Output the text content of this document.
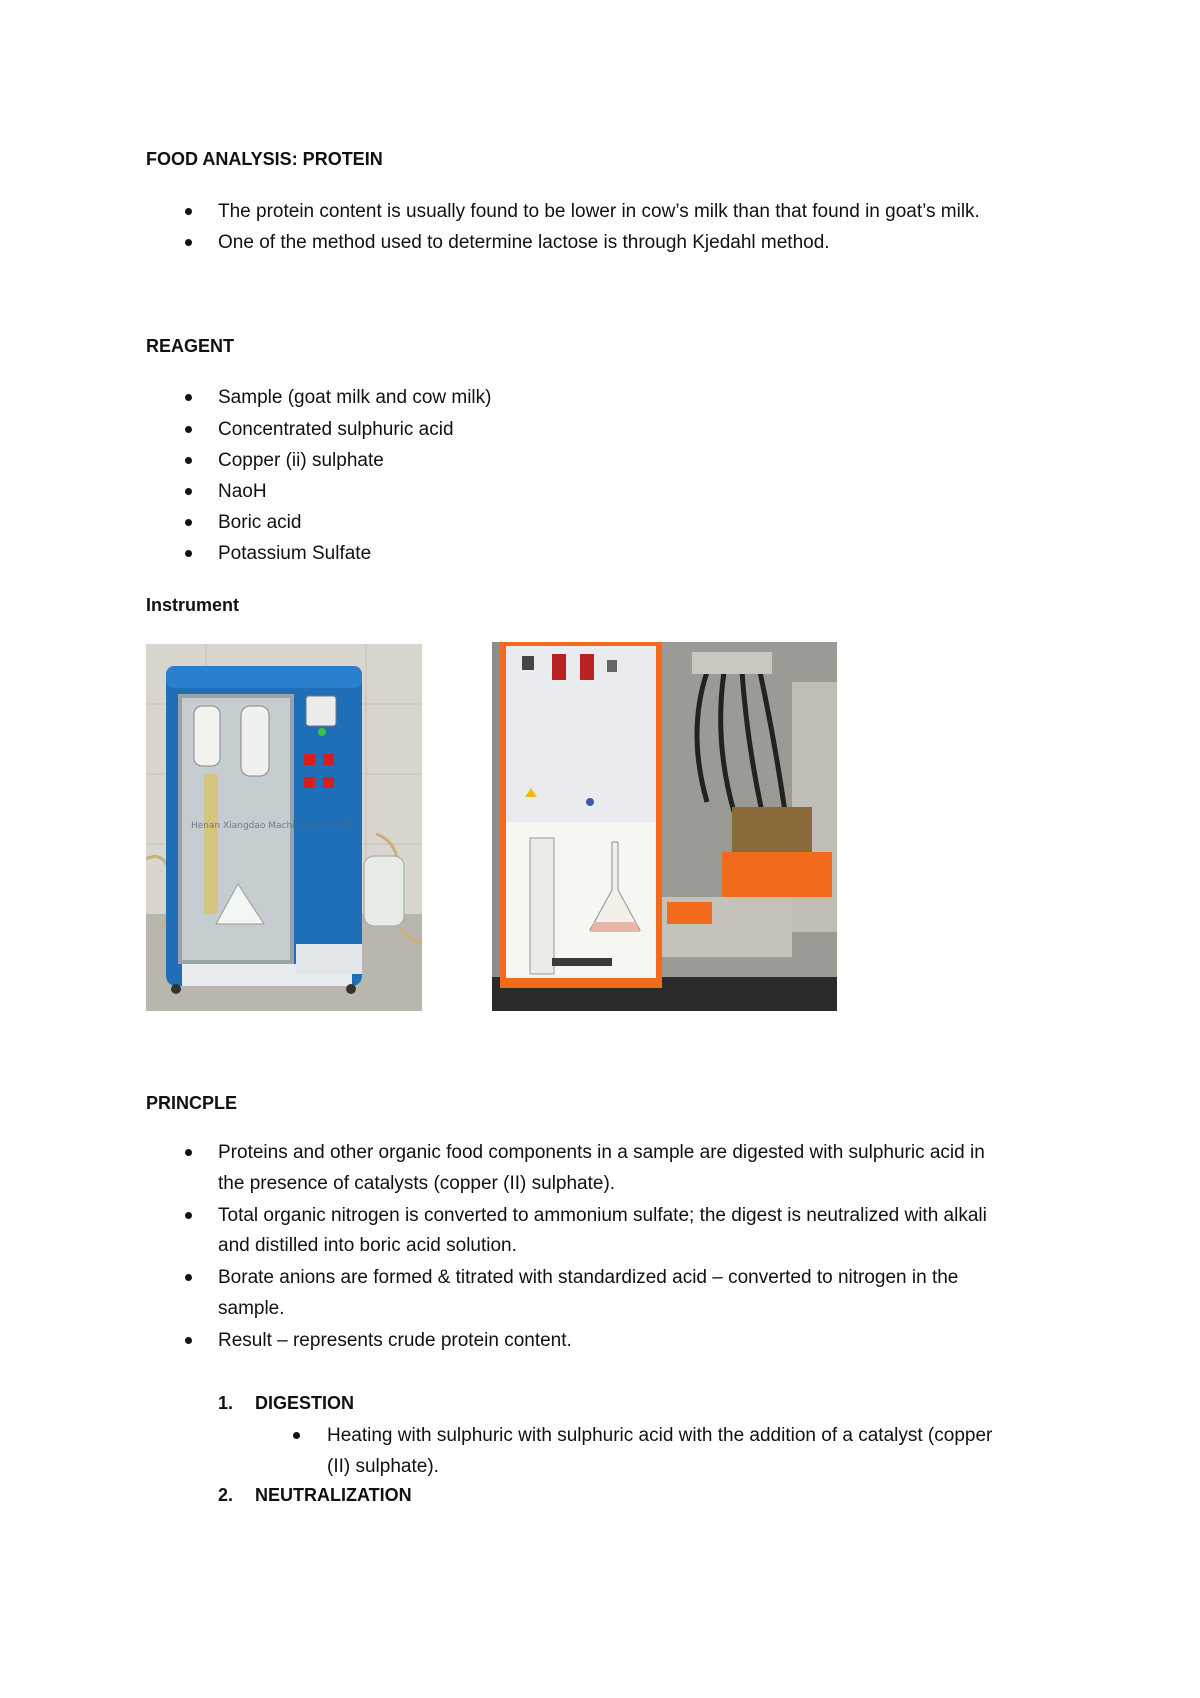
FOOD ANALYSIS: PROTEIN
The protein content is usually found to be lower in cow’s milk than that found in goat’s milk.
One of the method used to determine lactose is through Kjedahl method.
REAGENT
Sample (goat milk and cow milk)
Concentrated sulphuric acid
Copper (ii) sulphate
NaoH
Boric acid
Potassium Sulfate
Instrument
Henan Xiangdao Machinery Co., Ltd
PRINCPLE
Proteins and other organic food components in a sample are digested with sulphuric acid in
the presence of catalysts (copper (II) sulphate).
Total organic nitrogen is converted to ammonium sulfate; the digest is neutralized with alkali
and distilled into boric acid solution.
Borate anions are formed & titrated with standardized acid – converted to nitrogen in the
sample.
Result – represents crude protein content.
1. DIGESTION
Heating with sulphuric with sulphuric acid with the addition of a catalyst (copper
(II) sulphate).
2. NEUTRALIZATION
